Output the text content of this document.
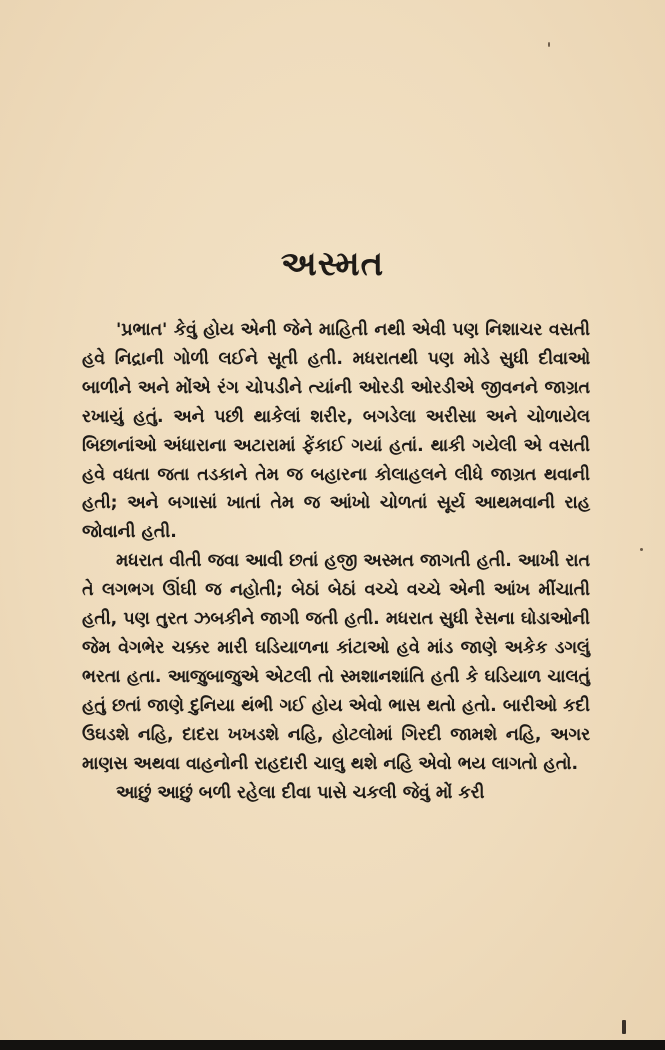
અસ્મત

'પ્રભાત' કેવું હોય એની જેને માહિતી નથી એવી પણ નિશાચર વસતી હવે નિદ્રાની ગોળી લઈને સૂતી હતી. મધરાતથી પણ મોડે સુધી દીવાઓ બાળીને અને મોંએ રંગ ચોપડીને ત્યાંની ઓરડી ઓરડીએ જીવનને જાગ્રત રખાયું હતું. અને પછી થાકેલાં શરીર, બગડેલા અરીસા અને ચોળાયેલ બિછાનાંઓ અંધારાના અટારામાં ફેંકાઈ ગયાં હતાં. થાકી ગયેલી એ વસતી હવે વધતા જતા તડકાને તેમ જ બહારના કોલાહલને લીધે જાગ્રત થવાની હતી; અને બગાસાં ખાતાં તેમ જ આંખો ચોળતાં સૂર્ય આથમવાની રાહ જોવાની હતી.

મધરાત વીતી જવા આવી છતાં હજી અસ્મત જાગતી હતી. આખી રાત તે લગભગ ઊંઘી જ નહોતી; બેઠાં બેઠાં વચ્ચે વચ્ચે એની આંખ મીંચાતી હતી, પણ તુરત ઝબકીને જાગી જતી હતી. મધરાત સુધી રેસના ઘોડાઓની જેમ વેગભેર ચક્કર મારી ઘડિયાળના કાંટાઓ હવે માંડ જાણે અકેક ડગલું ભરતા હતા. આજુબાજુએ એટલી તો સ્મશાનશાંતિ હતી કે ઘડિયાળ ચાલતું હતું છતાં જાણે દુનિયા થંભી ગઈ હોય એવો ભાસ થતો હતો. બારીઓ કદી ઉઘડશે નહિ, દાદરા ખખડશે નહિ, હોટલોમાં ગિરદી જામશે નહિ, અગર માણસ અથવા વાહનોની રાહદારી ચાલુ થશે નહિ એવો ભય લાગતો હતો.

આછું આછું બળી રહેલા દીવા પાસે ચકલી જેવું મોં કરી
